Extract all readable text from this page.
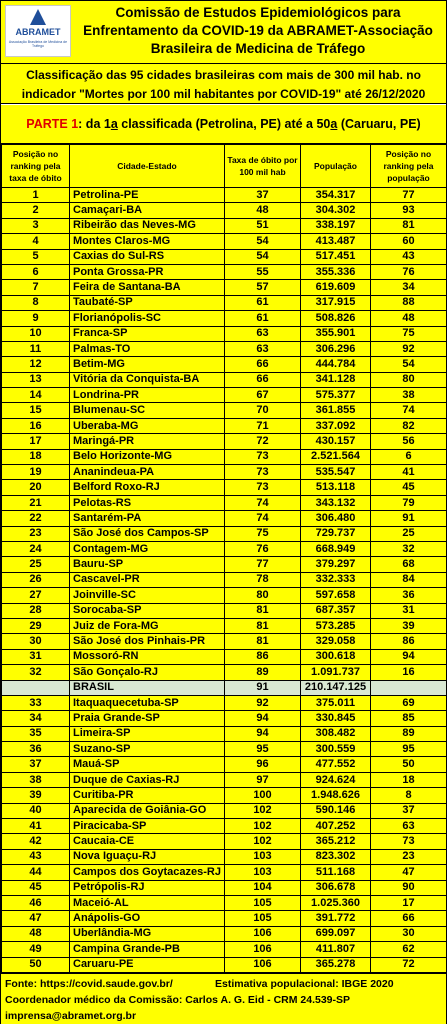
ABRAMET
Associação Brasileira de Medicina de Tráfego
Comissão de Estudos Epidemiológicos para
Enfrentamento da COVID-19 da ABRAMET-Associação
Brasileira de Medicina de Tráfego
Classificação das 95 cidades brasileiras com mais de 300 mil hab. no
indicador "Mortes por 100 mil habitantes por COVID-19" até 26/12/2020
PARTE 1: da 1a classificada (Petrolina, PE) até a 50a (Caruaru, PE)
Posição no ranking pela taxa de óbito	Cidade-Estado	Taxa de óbito por 100 mil hab	População	Posição no ranking pela população
1	Petrolina-PE	37	354.317	77
2	Camaçari-BA	48	304.302	93
3	Ribeirão das Neves-MG	51	338.197	81
4	Montes Claros-MG	54	413.487	60
5	Caxias do Sul-RS	54	517.451	43
6	Ponta Grossa-PR	55	355.336	76
7	Feira de Santana-BA	57	619.609	34
8	Taubaté-SP	61	317.915	88
9	Florianópolis-SC	61	508.826	48
10	Franca-SP	63	355.901	75
11	Palmas-TO	63	306.296	92
12	Betim-MG	66	444.784	54
13	Vitória da Conquista-BA	66	341.128	80
14	Londrina-PR	67	575.377	38
15	Blumenau-SC	70	361.855	74
16	Uberaba-MG	71	337.092	82
17	Maringá-PR	72	430.157	56
18	Belo Horizonte-MG	73	2.521.564	6
19	Ananindeua-PA	73	535.547	41
20	Belford Roxo-RJ	73	513.118	45
21	Pelotas-RS	74	343.132	79
22	Santarém-PA	74	306.480	91
23	São José dos Campos-SP	75	729.737	25
24	Contagem-MG	76	668.949	32
25	Bauru-SP	77	379.297	68
26	Cascavel-PR	78	332.333	84
27	Joinville-SC	80	597.658	36
28	Sorocaba-SP	81	687.357	31
29	Juiz de Fora-MG	81	573.285	39
30	São José dos Pinhais-PR	81	329.058	86
31	Mossoró-RN	86	300.618	94
32	São Gonçalo-RJ	89	1.091.737	16
	BRASIL	91	210.147.125	
33	Itaquaquecetuba-SP	92	375.011	69
34	Praia Grande-SP	94	330.845	85
35	Limeira-SP	94	308.482	89
36	Suzano-SP	95	300.559	95
37	Mauá-SP	96	477.552	50
38	Duque de Caxias-RJ	97	924.624	18
39	Curitiba-PR	100	1.948.626	8
40	Aparecida de Goiânia-GO	102	590.146	37
41	Piracicaba-SP	102	407.252	63
42	Caucaia-CE	102	365.212	73
43	Nova Iguaçu-RJ	103	823.302	23
44	Campos dos Goytacazes-RJ	103	511.168	47
45	Petrópolis-RJ	104	306.678	90
46	Maceió-AL	105	1.025.360	17
47	Anápolis-GO	105	391.772	66
48	Uberlândia-MG	106	699.097	30
49	Campina Grande-PB	106	411.807	62
50	Caruaru-PE	106	365.278	72
Fonte: https://covid.saude.gov.br/	Estimativa populacional: IBGE 2020
Coordenador médico da Comissão: Carlos A. G. Eid - CRM 24.539-SP
imprensa@abramet.org.br
